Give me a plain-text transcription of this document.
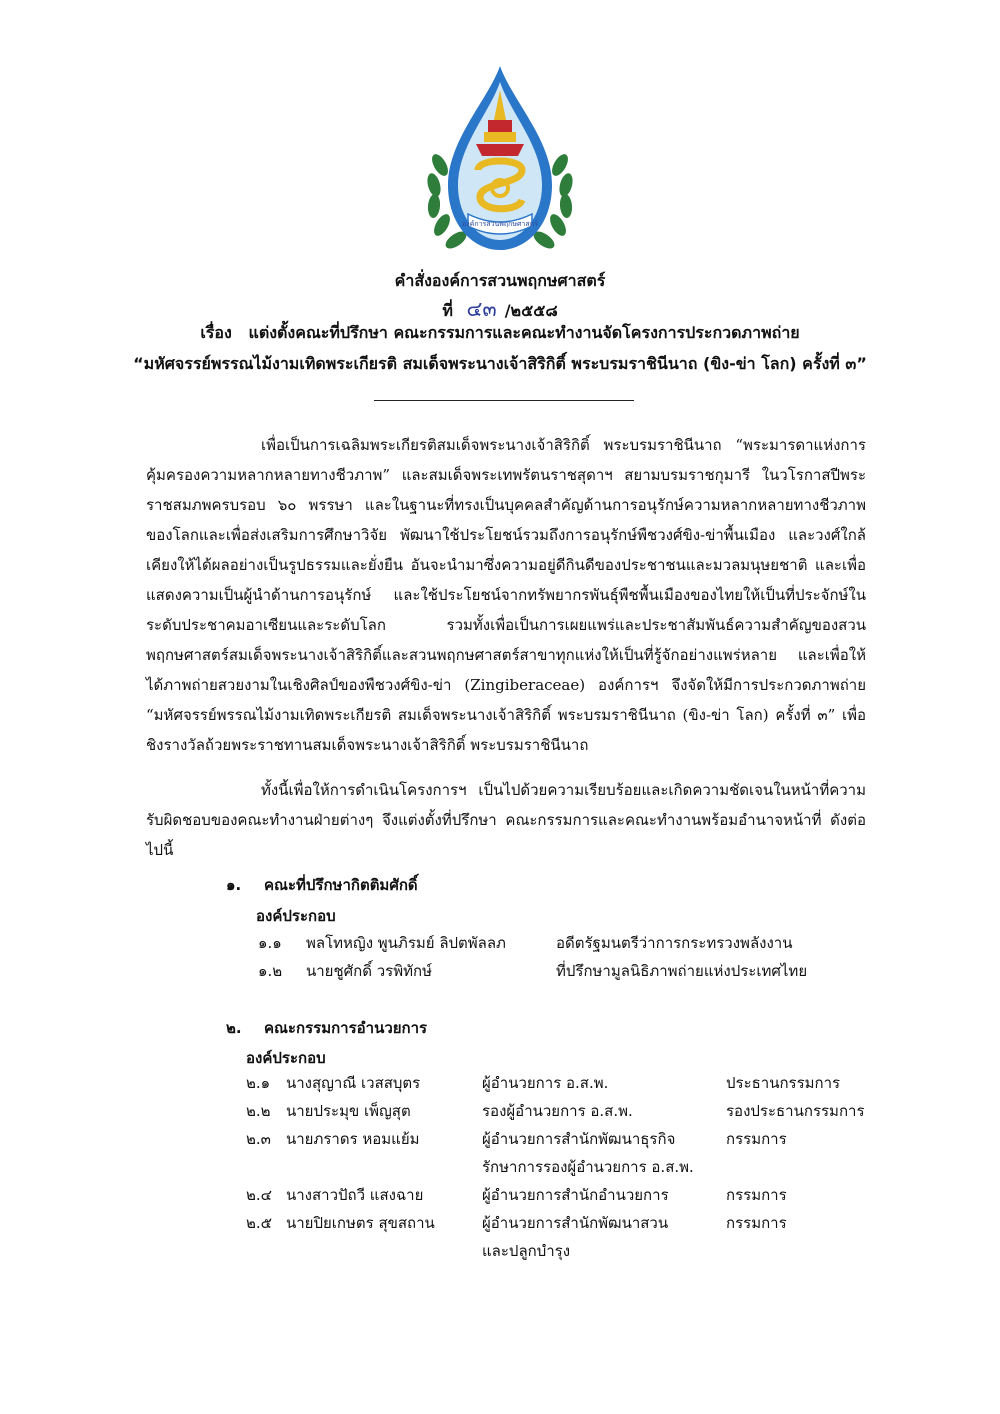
องค์การสวนพฤกษศาสตร์
คำสั่งองค์การสวนพฤกษศาสตร์
ที่ ๔๓ /๒๕๕๘
เรื่อง แต่งตั้งคณะที่ปรึกษา คณะกรรมการและคณะทำงานจัดโครงการประกวดภาพถ่าย
“มหัศจรรย์พรรณไม้งามเทิดพระเกียรติ สมเด็จพระนางเจ้าสิริกิติ์ พระบรมราชินีนาถ (ขิง-ข่า โลก) ครั้งที่ ๓”
เพื่อเป็นการเฉลิมพระเกียรติสมเด็จพระนางเจ้าสิริกิติ์ พระบรมราชินีนาถ “พระมารดาแห่งการคุ้มครองความหลากหลายทางชีวภาพ” และสมเด็จพระเทพรัตนราชสุดาฯ สยามบรมราชกุมารี ในวโรกาสปีพระราชสมภพครบรอบ ๖๐ พรรษา และในฐานะที่ทรงเป็นบุคคลสำคัญด้านการอนุรักษ์ความหลากหลายทางชีวภาพของโลกและเพื่อส่งเสริมการศึกษาวิจัย พัฒนาใช้ประโยชน์รวมถึงการอนุรักษ์พืชวงศ์ขิง-ข่าพื้นเมือง และวงศ์ใกล้เคียงให้ได้ผลอย่างเป็นรูปธรรมและยั่งยืน อันจะนำมาซึ่งความอยู่ดีกินดีของประชาชนและมวลมนุษยชาติ และเพื่อแสดงความเป็นผู้นำด้านการอนุรักษ์ และใช้ประโยชน์จากทรัพยากรพันธุ์พืชพื้นเมืองของไทยให้เป็นที่ประจักษ์ในระดับประชาคมอาเซียนและระดับโลก รวมทั้งเพื่อเป็นการเผยแพร่และประชาสัมพันธ์ความสำคัญของสวนพฤกษศาสตร์สมเด็จพระนางเจ้าสิริกิติ์และสวนพฤกษศาสตร์สาขาทุกแห่งให้เป็นที่รู้จักอย่างแพร่หลาย และเพื่อให้ได้ภาพถ่ายสวยงามในเชิงศิลป์ของพืชวงศ์ขิง-ข่า (Zingiberaceae) องค์การฯ จึงจัดให้มีการประกวดภาพถ่าย “มหัศจรรย์พรรณไม้งามเทิดพระเกียรติ สมเด็จพระนางเจ้าสิริกิติ์ พระบรมราชินีนาถ (ขิง-ข่า โลก) ครั้งที่ ๓” เพื่อชิงรางวัลถ้วยพระราชทานสมเด็จพระนางเจ้าสิริกิติ์ พระบรมราชินีนาถ
ทั้งนี้เพื่อให้การดำเนินโครงการฯ เป็นไปด้วยความเรียบร้อยและเกิดความชัดเจนในหน้าที่ความรับผิดชอบของคณะทำงานฝ่ายต่างๆ จึงแต่งตั้งที่ปรึกษา คณะกรรมการและคณะทำงานพร้อมอำนาจหน้าที่ ดังต่อไปนี้
๑. คณะที่ปรึกษากิตติมศักดิ์
องค์ประกอบ
๑.๑ พลโทหญิง พูนภิรมย์ ลิปตพัลลภ	อดีตรัฐมนตรีว่าการกระทรวงพลังงาน
๑.๒ นายชูศักดิ์ วรพิทักษ์	ที่ปรึกษามูลนิธิภาพถ่ายแห่งประเทศไทย
๒. คณะกรรมการอำนวยการ
องค์ประกอบ
๒.๑ นางสุญาณี เวสสบุตร	ผู้อำนวยการ อ.ส.พ.	ประธานกรรมการ
๒.๒ นายประมุข เพ็ญสุต	รองผู้อำนวยการ อ.ส.พ.	รองประธานกรรมการ
๒.๓ นายภราดร หอมแย้ม	ผู้อำนวยการสำนักพัฒนาธุรกิจ	กรรมการ
รักษาการรองผู้อำนวยการ อ.ส.พ.
๒.๔ นางสาวปัถวี แสงฉาย	ผู้อำนวยการสำนักอำนวยการ	กรรมการ
๒.๕ นายปิยเกษตร สุขสถาน	ผู้อำนวยการสำนักพัฒนาสวน	กรรมการ
และปลูกบำรุง
